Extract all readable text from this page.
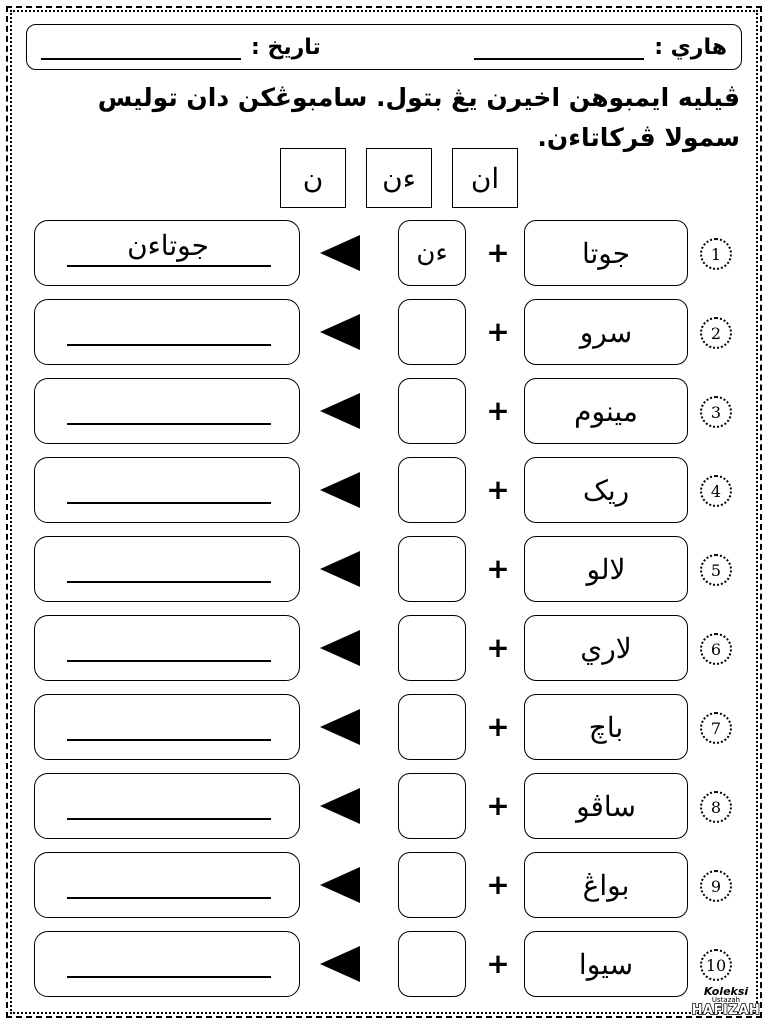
هاري :
تاريخ :
ڤيليه ايمبوهن اخيرن يڠ بتول. سامبوڠکن دان توليس سمولا ڤرکاتاءن.
ان
ءن
ن
1
جوتا
+
ءن
جوتاءن
2
سرو
+
3
مينوم
+
4
ريک
+
5
لالو
+
6
لاري
+
7
باچ
+
8
ساڤو
+
9
بواڠ
+
10
سيوا
+
Koleksi
Ustazah
HAFIZAH
